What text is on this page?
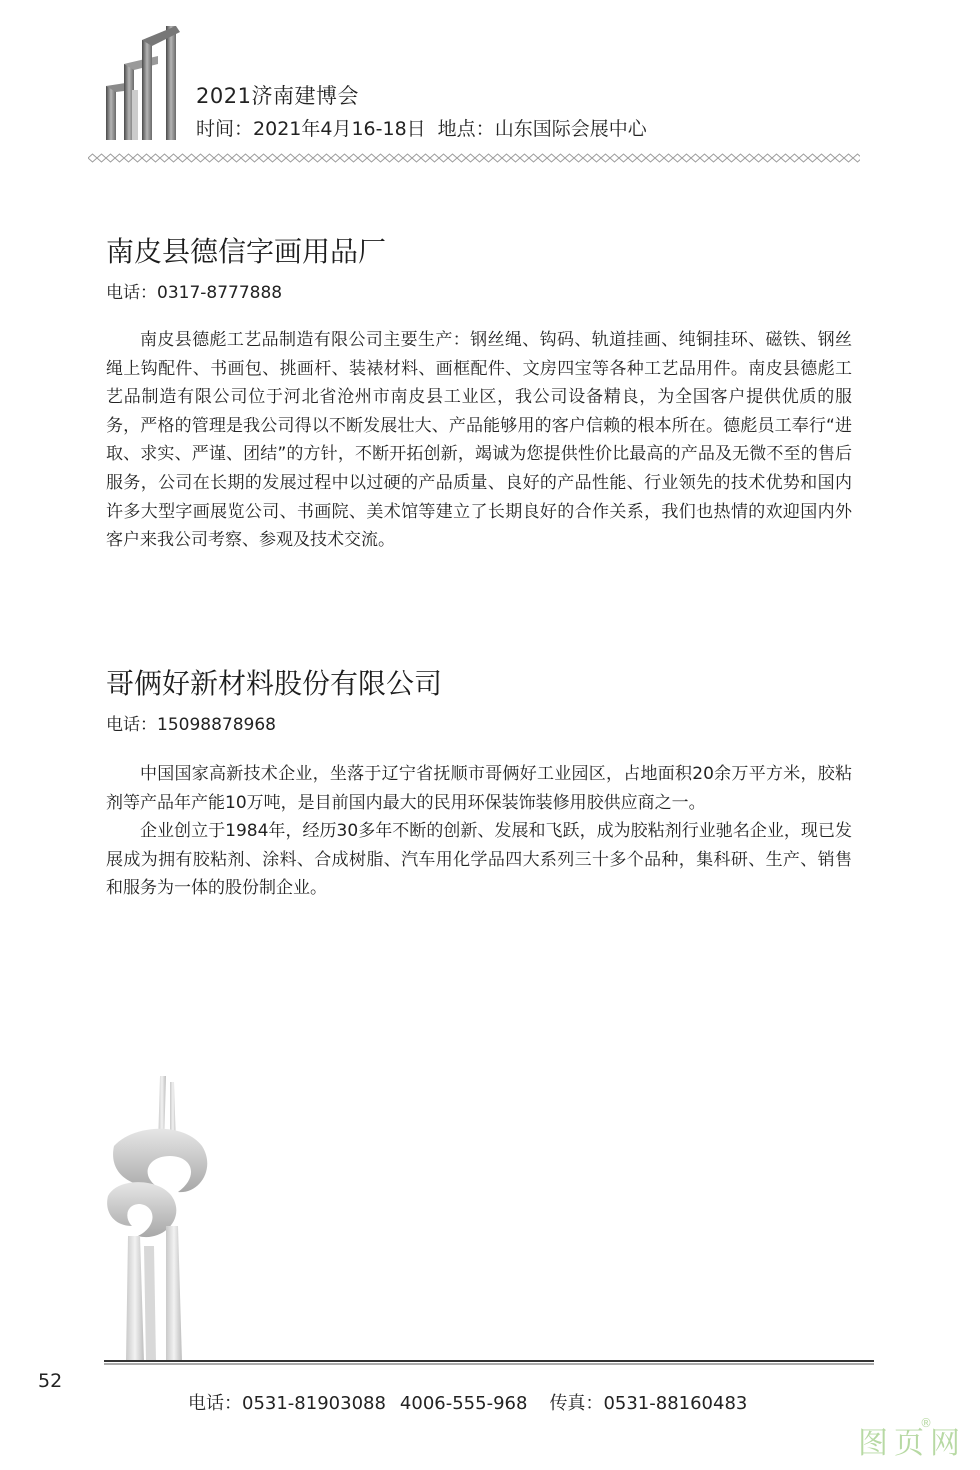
2021济南建博会
时间：2021年4月16-18日 地点：山东国际会展中心
南皮县德信字画用品厂
电话：0317-8777888

南皮县德彪工艺品制造有限公司主要生产：钢丝绳、钩码、轨道挂画、纯铜挂环、磁铁、钢丝绳上钩配件、书画包、挑画杆、装裱材料、画框配件、文房四宝等各种工艺品用件。南皮县德彪工艺品制造有限公司位于河北省沧州市南皮县工业区，我公司设备精良，为全国客户提供优质的服务，严格的管理是我公司得以不断发展壮大、产品能够用的客户信赖的根本所在。德彪员工奉行“进取、求实、严谨、团结”的方针，不断开拓创新，竭诚为您提供性价比最高的产品及无微不至的售后服务，公司在长期的发展过程中以过硬的产品质量、良好的产品性能、行业领先的技术优势和国内许多大型字画展览公司、书画院、美术馆等建立了长期良好的合作关系，我们也热情的欢迎国内外客户来我公司考察、参观及技术交流。

哥俩好新材料股份有限公司
电话：15098878968

中国国家高新技术企业，坐落于辽宁省抚顺市哥俩好工业园区，占地面积20余万平方米，胶粘剂等产品年产能10万吨，是目前国内最大的民用环保装饰装修用胶供应商之一。

企业创立于1984年，经历30多年不断的创新、发展和飞跃，成为胶粘剂行业驰名企业，现已发展成为拥有胶粘剂、涂料、合成树脂、汽车用化学品四大系列三十多个品种，集科研、生产、销售和服务为一体的股份制企业。

52
电话：0531-81903088 4006-555-968 传真：0531-88160483
图页网
®
